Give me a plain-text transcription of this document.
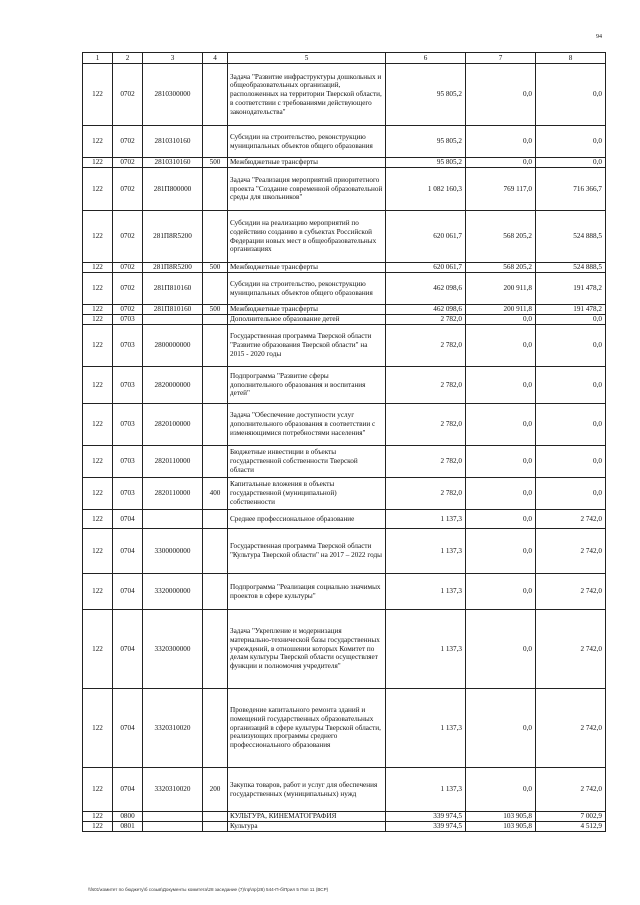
94
1	2	3	4	5	6	7	8
122	0702	2810300000		Задача "Развитие инфраструктуры дошкольных и общеобразовательных организаций, расположенных на территории Тверской области, в соответствии с требованиями действующего законодательства"	95 805,2	0,0	0,0
122	0702	2810310160		Субсидии на строительство, реконструкцию муниципальных объектов общего образования	95 805,2	0,0	0,0
122	0702	2810310160	500	Межбюджетные трансферты	95 805,2	0,0	0,0
122	0702	281П800000		Задача "Реализация мероприятий приоритетного проекта "Создание современной образовательной среды для школьников"	1 082 160,3	769 117,0	716 366,7
122	0702	281П8R5200		Субсидии на реализацию мероприятий по содействию созданию в субъектах Российской Федерации новых мест в общеобразовательных организациях	620 061,7	568 205,2	524 888,5
122	0702	281П8R5200	500	Межбюджетные трансферты	620 061,7	568 205,2	524 888,5
122	0702	281П810160		Субсидии на строительство, реконструкцию муниципальных объектов общего образования	462 098,6	200 911,8	191 478,2
122	0702	281П810160	500	Межбюджетные трансферты	462 098,6	200 911,8	191 478,2
122	0703			Дополнительное образование детей	2 782,0	0,0	0,0
122	0703	2800000000		Государственная программа Тверской области "Развитие образования Тверской области" на 2015 - 2020 годы	2 782,0	0,0	0,0
122	0703	2820000000		Подпрограмма "Развитие сферы дополнительного образования и воспитания детей"	2 782,0	0,0	0,0
122	0703	2820100000		Задача "Обеспечение доступности услуг дополнительного образования в соответствии с изменяющимися потребностями населения"	2 782,0	0,0	0,0
122	0703	2820110000		Бюджетные инвестиции в объекты государственной собственности Тверской области	2 782,0	0,0	0,0
122	0703	2820110000	400	Капитальные вложения в объекты государственной (муниципальной) собственности	2 782,0	0,0	0,0
122	0704			Среднее профессиональное образование	1 137,3	0,0	2 742,0
122	0704	3300000000		Государственная программа Тверской области "Культура Тверской области" на 2017 – 2022 годы	1 137,3	0,0	2 742,0
122	0704	3320000000		Подпрограмма "Реализация социально значимых проектов в сфере культуры"	1 137,3	0,0	2 742,0
122	0704	3320300000		Задача "Укрепление и модернизация материально-технической базы государственных учреждений, в отношении которых Комитет по делам культуры Тверской области осуществляет функции и полномочия учредителя"	1 137,3	0,0	2 742,0
122	0704	3320310020		Проведение капитального ремонта зданий и помещений государственных образовательных организаций в сфере культуры Тверской области, реализующих программы среднего профессионального образования	1 137,3	0,0	2 742,0
122	0704	3320310020	200	Закупка товаров, работ и услуг для обеспечения государственных (муниципальных) нужд	1 137,3	0,0	2 742,0
122	0800			КУЛЬТУРА, КИНЕМАТОГРАФИЯ	339 974,5	103 905,8	7 002,9
122	0801			Культура	339 974,5	103 905,8	4 512,9
\\fs01\комитет по бюджету\б созыв\Документы комитета\28 заседание (7)\пр\пр(28) 544-П-б\Прил 5 Поп 11 (ВСР)
